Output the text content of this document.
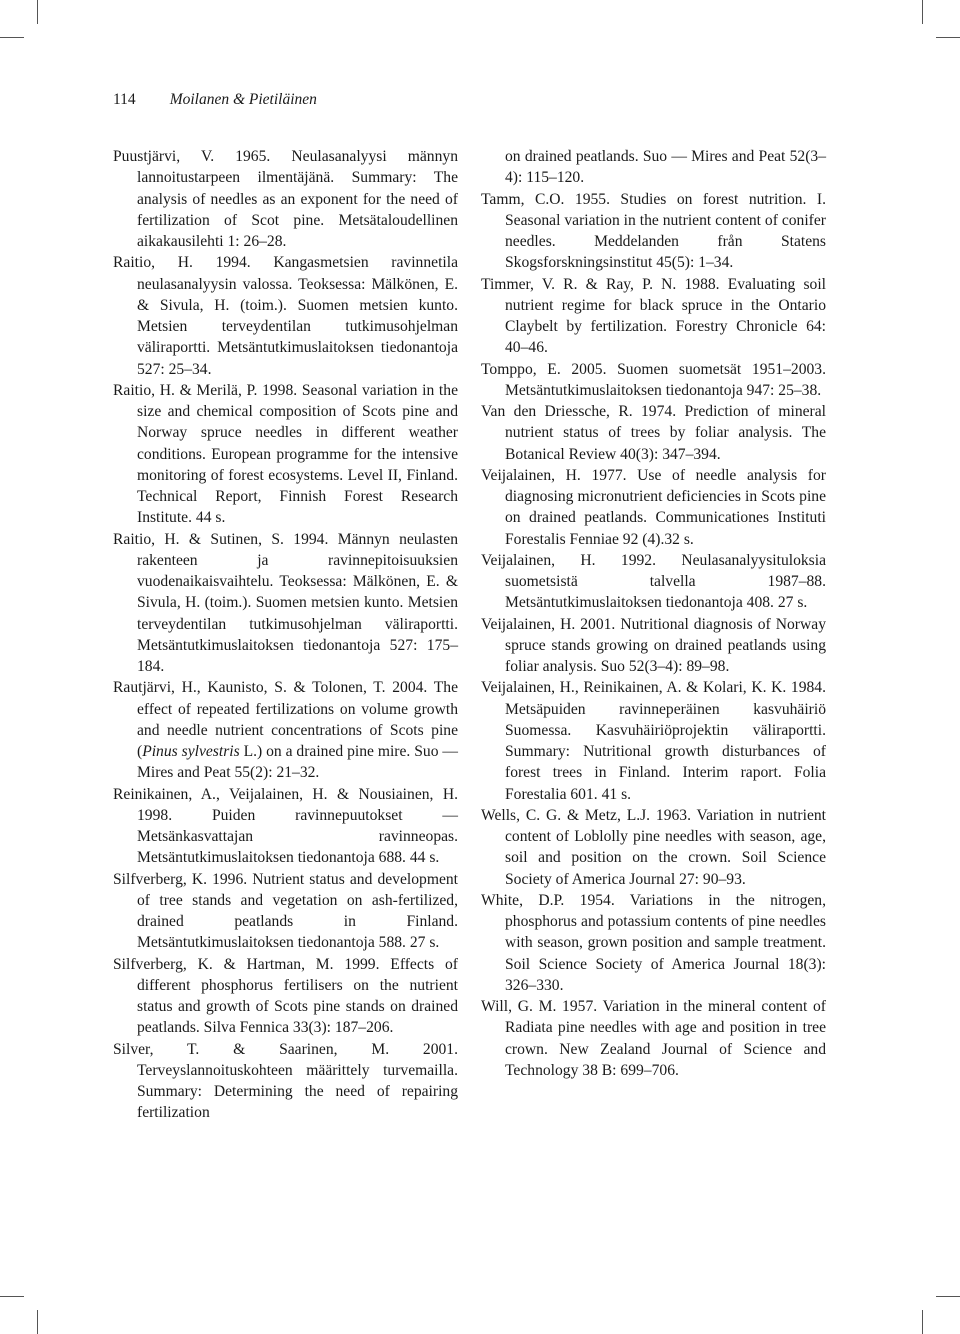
114 Moilanen & Pietiläinen

Puustjärvi, V. 1965. Neulasanalyysi männyn lannoitustarpeen ilmentäjänä. Summary: The analysis of needles as an exponent for the need of fertilization of Scot pine. Metsätaloudellinen aikakausilehti 1: 26–28.

Raitio, H. 1994. Kangasmetsien ravinnetila neulasanalyysin valossa. Teoksessa: Mälkönen, E. & Sivula, H. (toim.). Suomen metsien kunto. Metsien terveydentilan tutkimusohjelman väliraportti. Metsäntutkimuslaitoksen tiedonantoja 527: 25–34.

Raitio, H. & Merilä, P. 1998. Seasonal variation in the size and chemical composition of Scots pine and Norway spruce needles in different weather conditions. European programme for the intensive monitoring of forest ecosystems. Level II, Finland. Technical Report, Finnish Forest Research Institute. 44 s.

Raitio, H. & Sutinen, S. 1994. Männyn neulasten rakenteen ja ravinnepitoisuuksien vuodenaikaisvaihtelu. Teoksessa: Mälkönen, E. & Sivula, H. (toim.). Suomen metsien kunto. Metsien terveydentilan tutkimusohjelman väliraportti. Metsäntutkimuslaitoksen tiedonantoja 527: 175–184.

Rautjärvi, H., Kaunisto, S. & Tolonen, T. 2004. The effect of repeated fertilizations on volume growth and needle nutrient concentrations of Scots pine (Pinus sylvestris L.) on a drained pine mire. Suo — Mires and Peat 55(2): 21–32.

Reinikainen, A., Veijalainen, H. & Nousiainen, H. 1998. Puiden ravinnepuutokset — Metsänkasvattajan ravinneopas. Metsäntutkimuslaitoksen tiedonantoja 688. 44 s.

Silfverberg, K. 1996. Nutrient status and development of tree stands and vegetation on ash-fertilized, drained peatlands in Finland. Metsäntutkimuslaitoksen tiedonantoja 588. 27 s.

Silfverberg, K. & Hartman, M. 1999. Effects of different phosphorus fertilisers on the nutrient status and growth of Scots pine stands on drained peatlands. Silva Fennica 33(3): 187–206.

Silver, T. & Saarinen, M. 2001. Terveyslannoituskohteen määrittely turvemailla. Summary: Determining the need of repairing fertilization

on drained peatlands. Suo — Mires and Peat 52(3–4): 115–120.

Tamm, C.O. 1955. Studies on forest nutrition. I. Seasonal variation in the nutrient content of conifer needles. Meddelanden från Statens Skogsforskningsinstitut 45(5): 1–34.

Timmer, V. R. & Ray, P. N. 1988. Evaluating soil nutrient regime for black spruce in the Ontario Claybelt by fertilization. Forestry Chronicle 64: 40–46.

Tomppo, E. 2005. Suomen suometsät 1951–2003. Metsäntutkimuslaitoksen tiedonantoja 947: 25–38.

Van den Driessche, R. 1974. Prediction of mineral nutrient status of trees by foliar analysis. The Botanical Review 40(3): 347–394.

Veijalainen, H. 1977. Use of needle analysis for diagnosing micronutrient deficiencies in Scots pine on drained peatlands. Communicationes Instituti Forestalis Fenniae 92 (4).32 s.

Veijalainen, H. 1992. Neulasanalyysituloksia suometsistä talvella 1987–88. Metsäntutkimuslaitoksen tiedonantoja 408. 27 s.

Veijalainen, H. 2001. Nutritional diagnosis of Norway spruce stands growing on drained peatlands using foliar analysis. Suo 52(3–4): 89–98.

Veijalainen, H., Reinikainen, A. & Kolari, K. K. 1984. Metsäpuiden ravinneperäinen kasvuhäiriö Suomessa. Kasvuhäiriöprojektin väliraportti. Summary: Nutritional growth disturbances of forest trees in Finland. Interim raport. Folia Forestalia 601. 41 s.

Wells, C. G. & Metz, L.J. 1963. Variation in nutrient content of Loblolly pine needles with season, age, soil and position on the crown. Soil Science Society of America Journal 27: 90–93.

White, D.P. 1954. Variations in the nitrogen, phosphorus and potassium contents of pine needles with season, grown position and sample treatment. Soil Science Society of America Journal 18(3): 326–330.

Will, G. M. 1957. Variation in the mineral content of Radiata pine needles with age and position in tree crown. New Zealand Journal of Science and Technology 38 B: 699–706.
